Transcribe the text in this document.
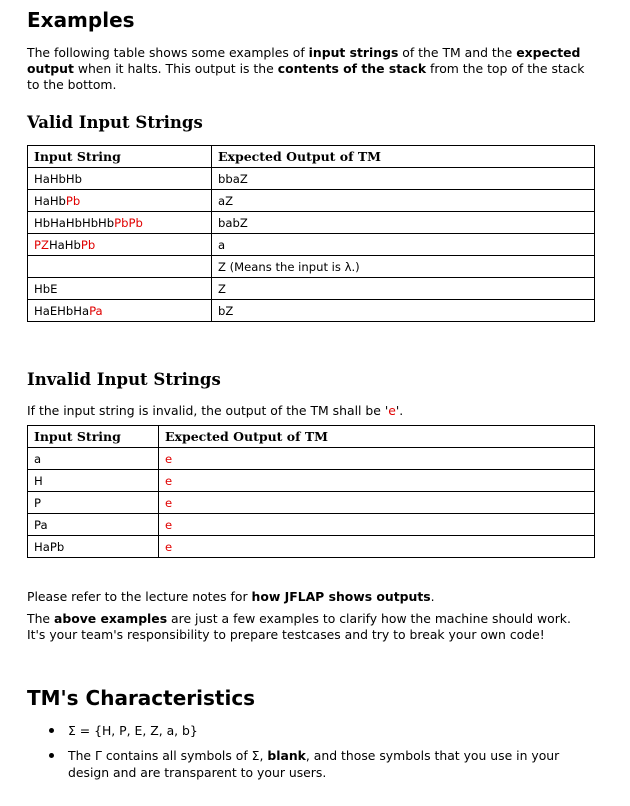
Examples

The following table shows some examples of input strings of the TM and the expected output when it halts. This output is the contents of the stack from the top of the stack to the bottom.

Valid Input Strings
Input String	Expected Output of TM
HaHbHb	bbaZ
HaHbPb	aZ
HbHaHbHbHbPbPb	babZ
PZHaHbPb	a
	Z (Means the input is λ.)
HbE	Z
HaEHbHaPa	bZ
Invalid Input Strings

If the input string is invalid, the output of the TM shall be 'e'.

Input String	Expected Output of TM
a	e
H	e
P	e
Pa	e
HaPb	e

Please refer to the lecture notes for how JFLAP shows outputs.

The above examples are just a few examples to clarify how the machine should work. It's your team's responsibility to prepare testcases and try to break your own code!

TM's Characteristics
Σ = {H, P, E, Z, a, b}
The Γ contains all symbols of Σ, blank, and those symbols that you use in your design and are transparent to your users.
